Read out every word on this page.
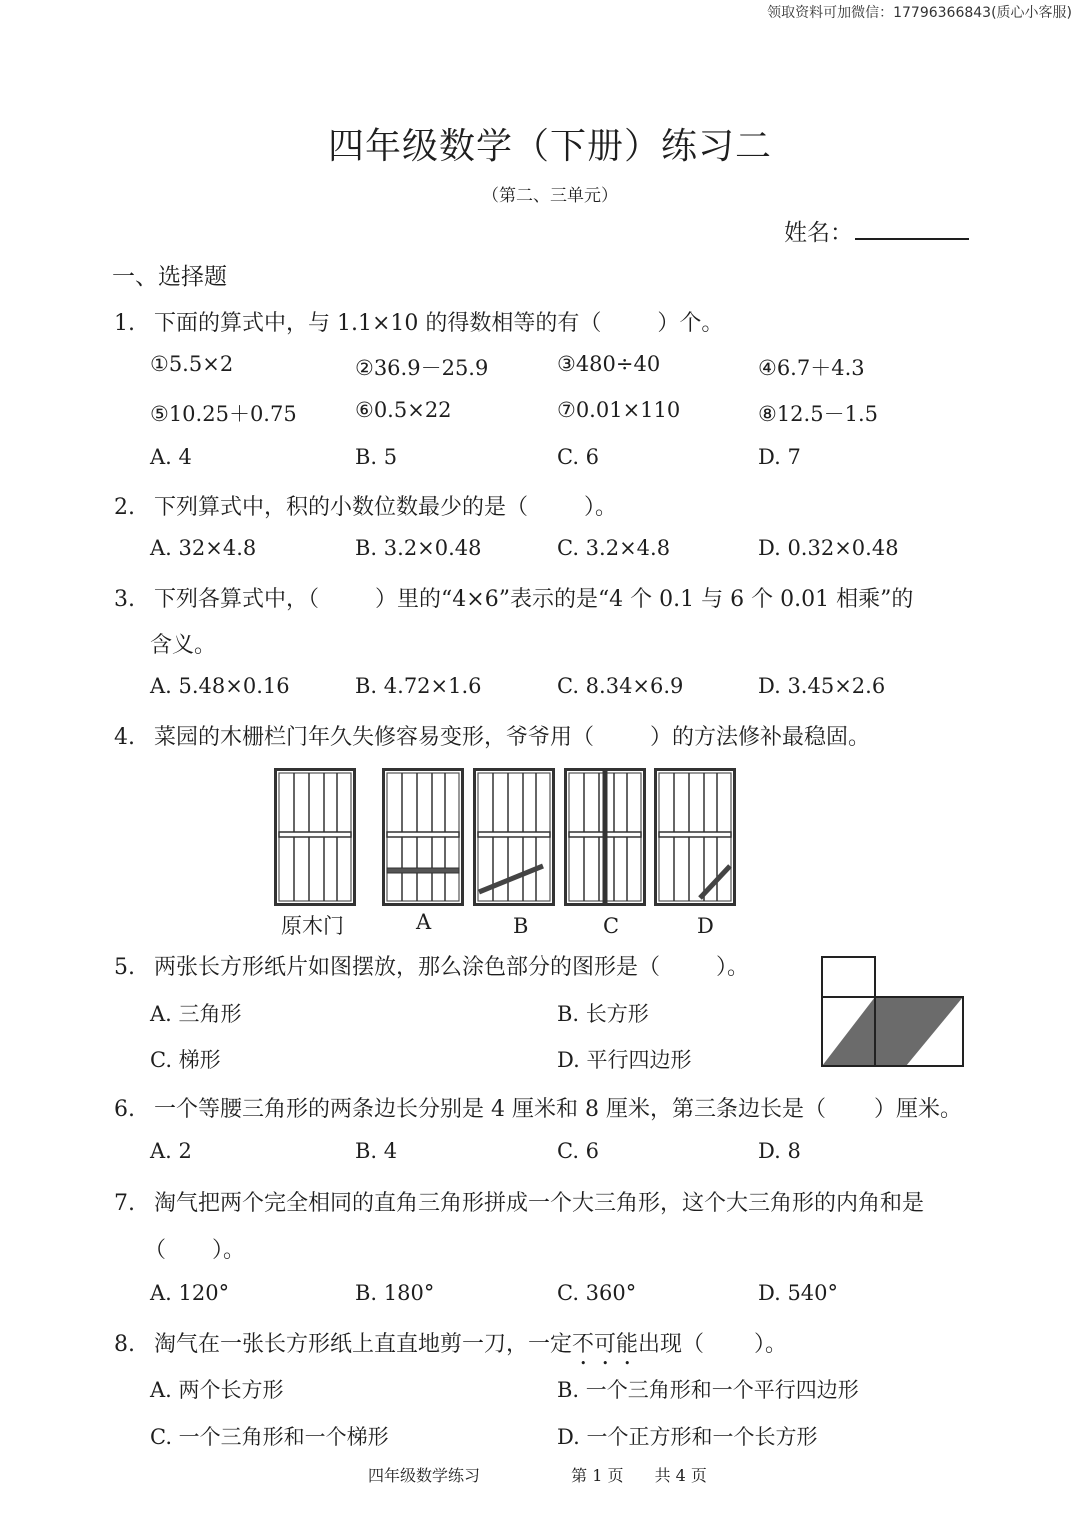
领取资料可加微信：17796366843(质心小客服)
四年级数学（下册）练习二
（第二、三单元）
姓名：
一、选择题
1. 下面的算式中，与 1.1×10 的得数相等的有（	）个。
①5.5×2	②36.9－25.9	③480÷40	④6.7＋4.3
⑤10.25＋0.75	⑥0.5×22	⑦0.01×110	⑧12.5－1.5
A. 4	B. 5	C. 6	D. 7
2. 下列算式中，积的小数位数最少的是（	）。
A. 32×4.8	B. 3.2×0.48	C. 3.2×4.8	D. 0.32×0.48
3. 下列各算式中，（	）里的“4×6”表示的是“4 个 0.1 与 6 个 0.01 相乘”的
含义。
A. 5.48×0.16	B. 4.72×1.6	C. 8.34×6.9	D. 3.45×2.6
4. 菜园的木栅栏门年久失修容易变形，爷爷用（	）的方法修补最稳固。
原木门	A	B	C	D
5. 两张长方形纸片如图摆放，那么涂色部分的图形是（	）。
A. 三角形	B. 长方形
C. 梯形	D. 平行四边形
6. 一个等腰三角形的两条边长分别是 4 厘米和 8 厘米，第三条边长是（ ）厘米。
A. 2	B. 4	C. 6	D. 8
7. 淘气把两个完全相同的直角三角形拼成一个大三角形，这个大三角形的内角和是
（ ）。
A. 120°	B. 180°	C. 360°	D. 540°
8. 淘气在一张长方形纸上直直地剪一刀，一定不可能出现（ ）。
A. 两个长方形	B. 一个三角形和一个平行四边形
C. 一个三角形和一个梯形	D. 一个正方形和一个长方形
四年级数学练习	第 1 页 共 4 页
